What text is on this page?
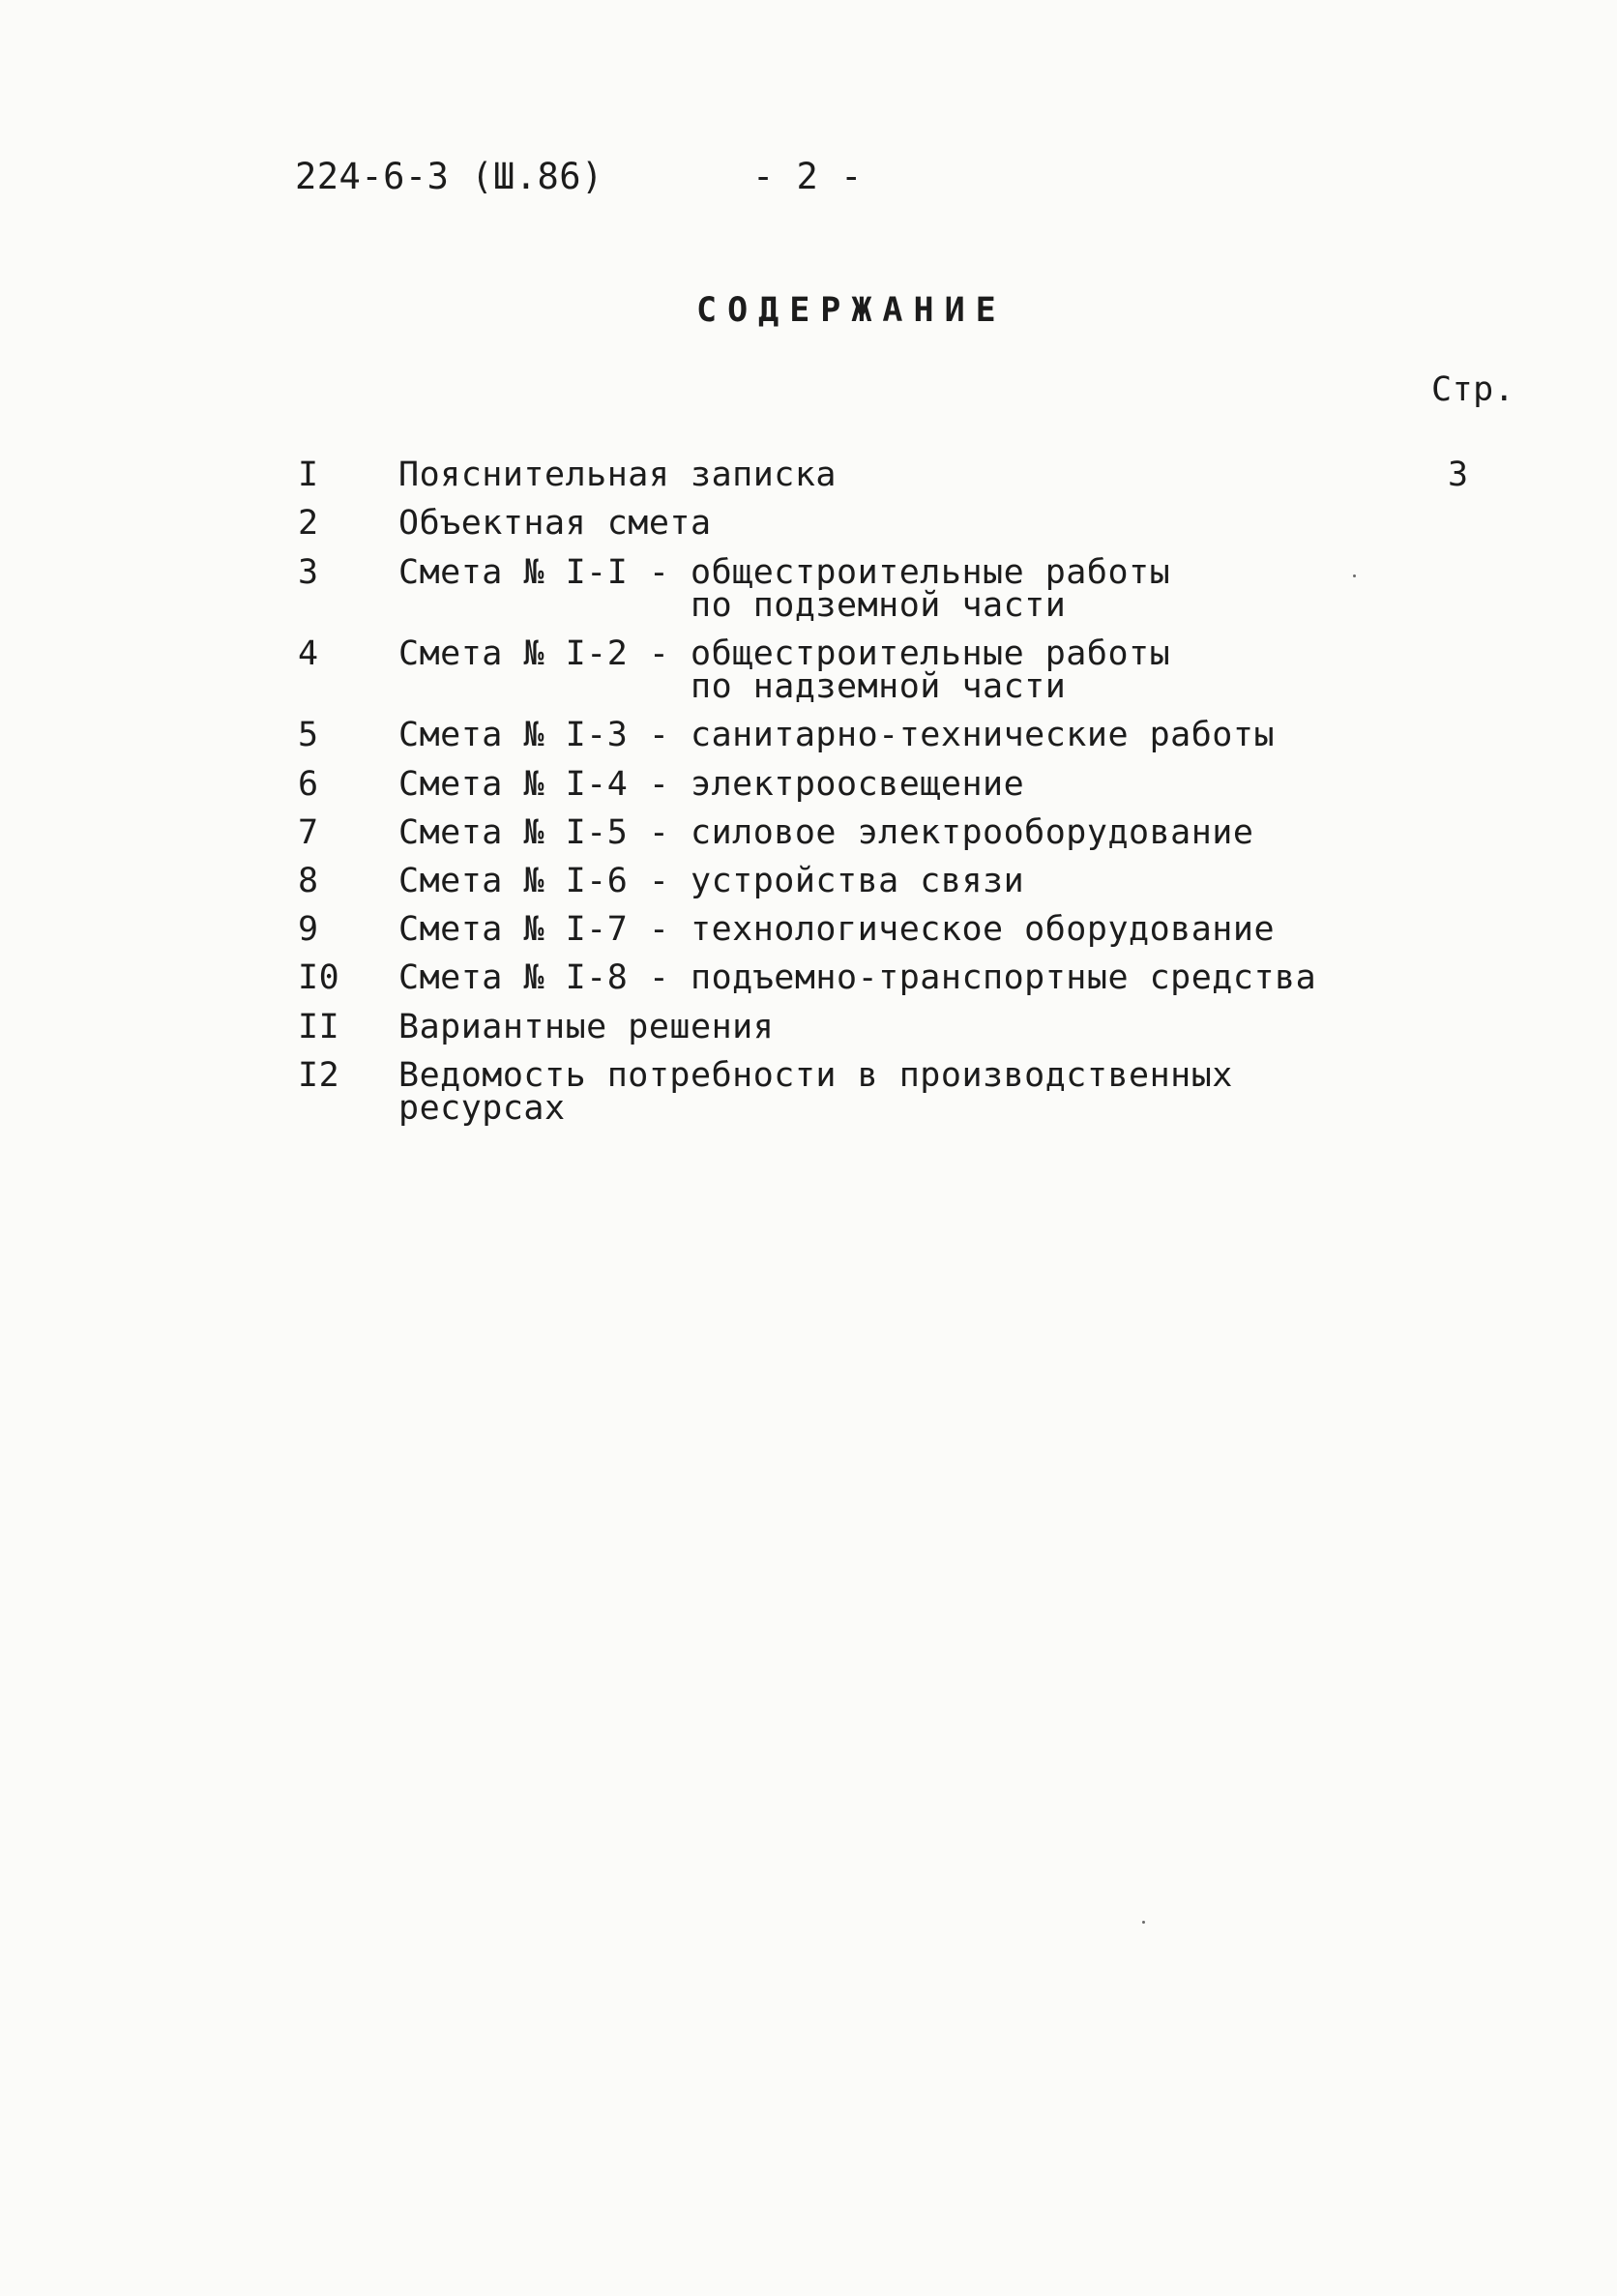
224-6-3 (Ш.86)	- 2 -
СОДЕРЖАНИЕ
Стр.
I Пояснительная записка	3
2 Объектная смета
3 Смета № I-I - общестроительные работы
по подземной части
4 Смета № I-2 - общестроительные работы
по надземной части
5 Смета № I-3 - санитарно-технические работы
6 Смета № I-4 - электроосвещение
7 Смета № I-5 - силовое электрооборудование
8 Смета № I-6 - устройства связи
9 Смета № I-7 - технологическое оборудование
I0 Смета № I-8 - подъемно-транспортные средства
II Вариантные решения
I2 Ведомость потребности в производственных
ресурсах
